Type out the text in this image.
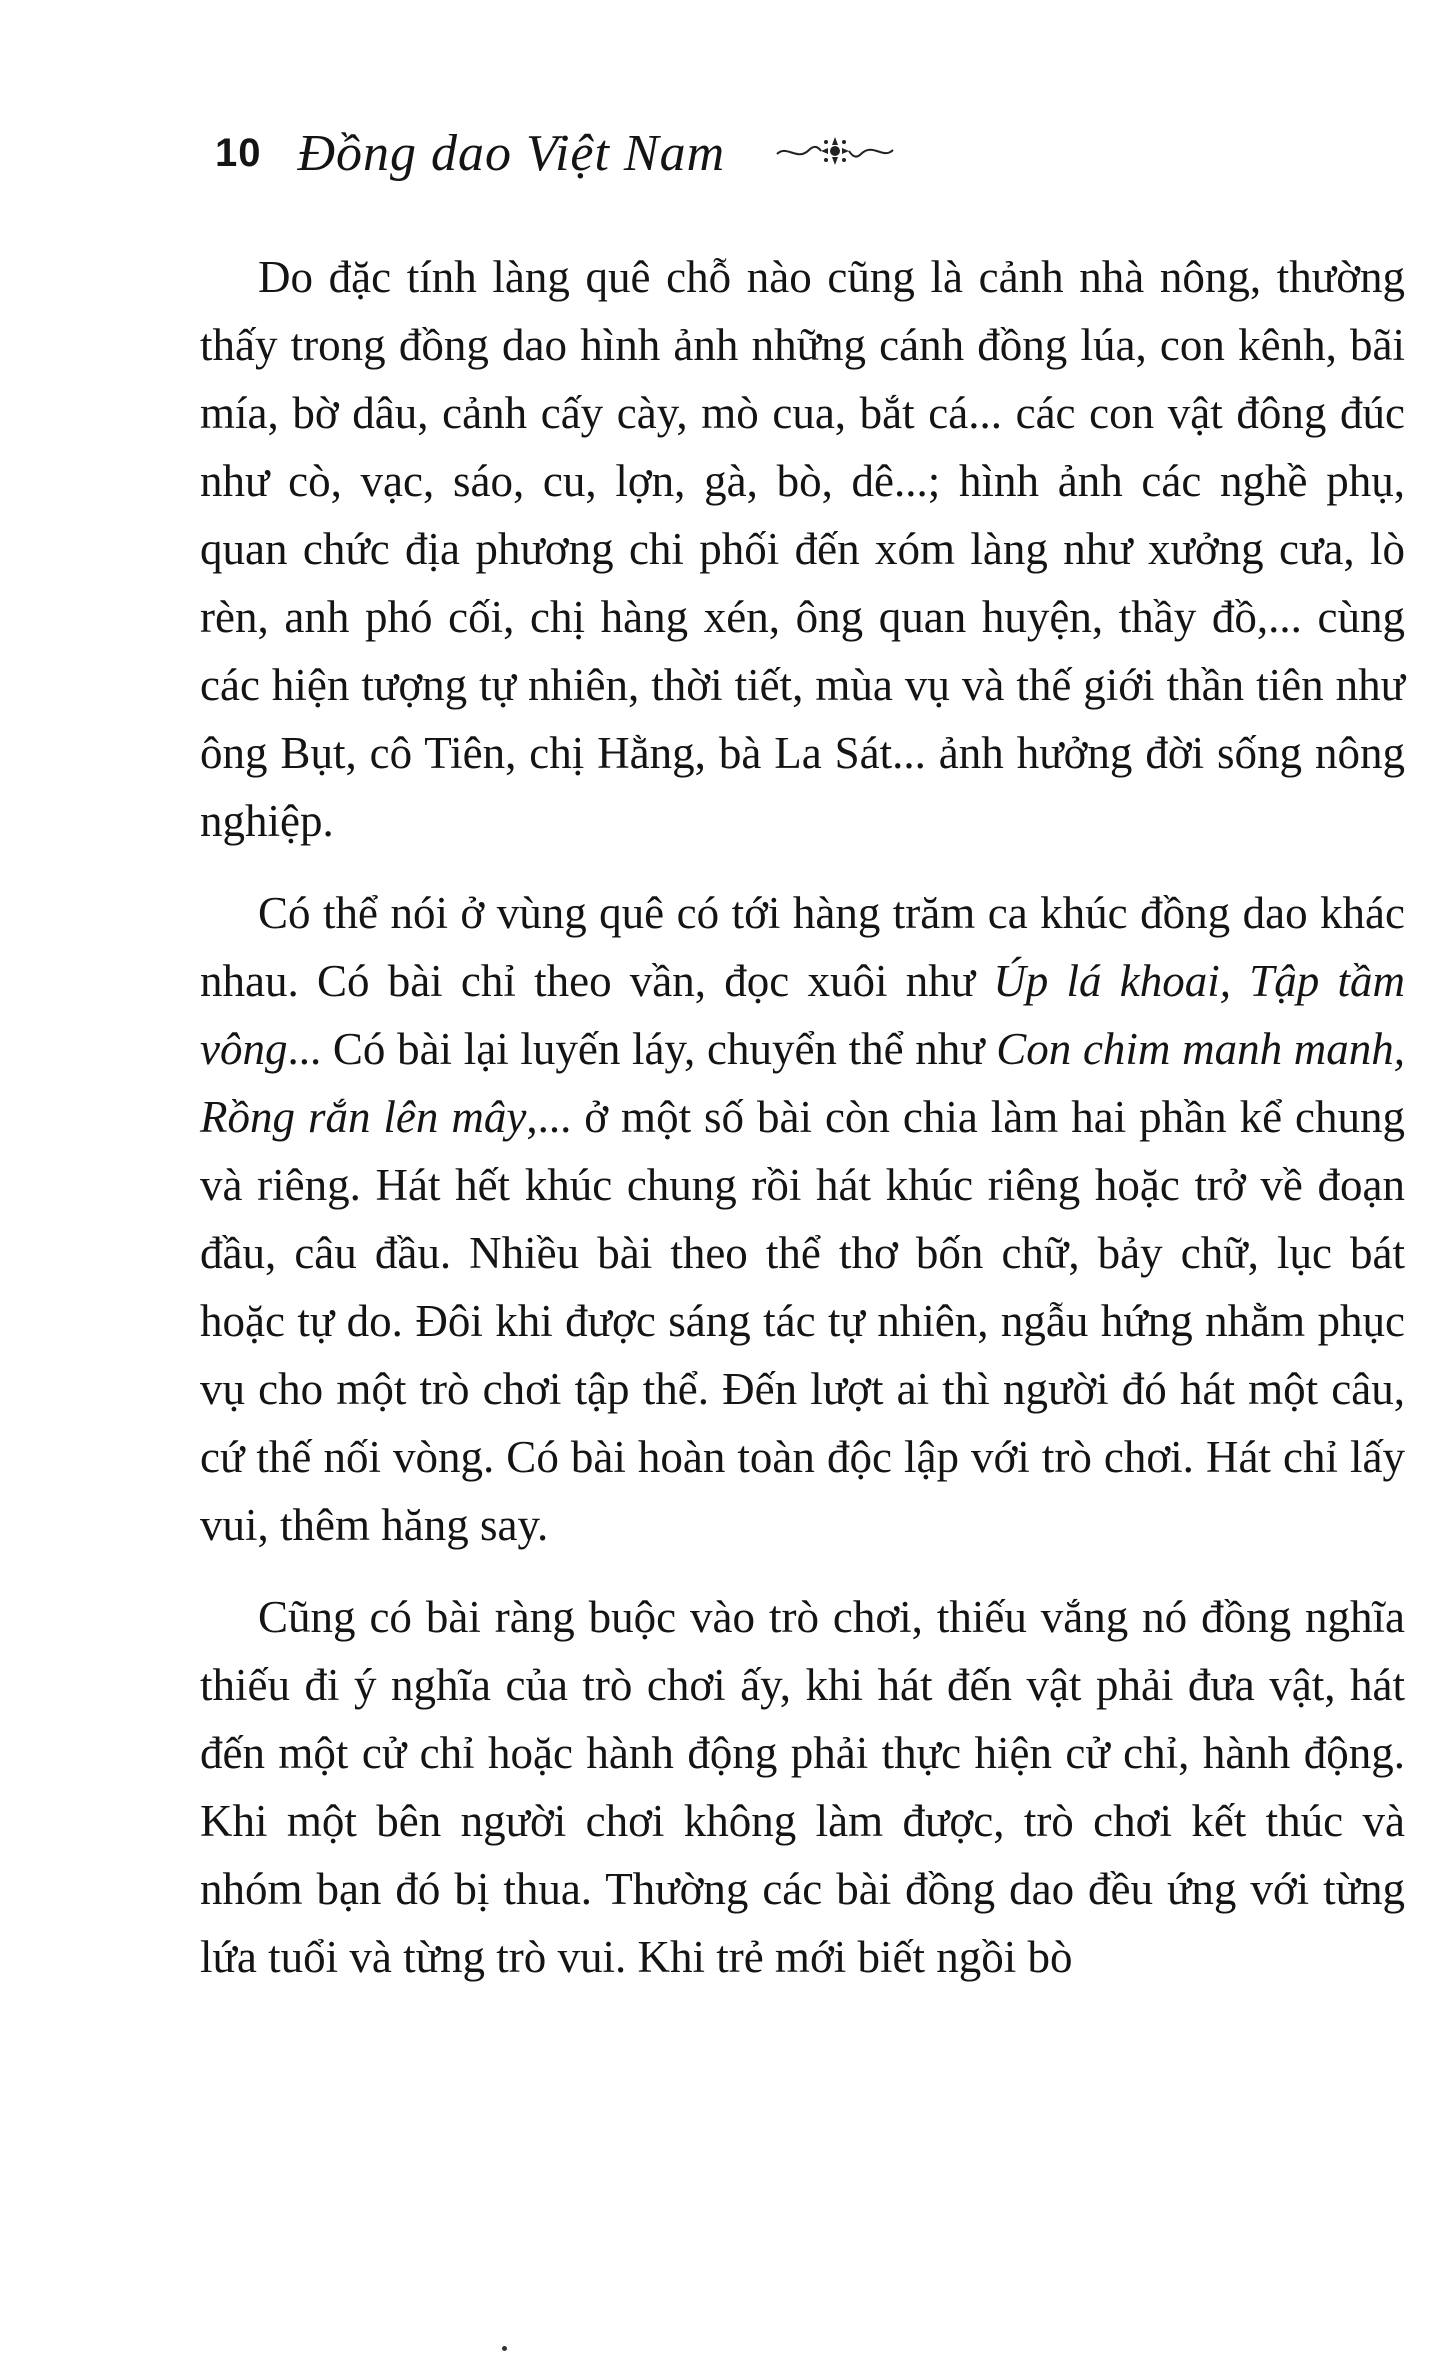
10 Đồng dao Việt Nam

Do đặc tính làng quê chỗ nào cũng là cảnh nhà nông, thường thấy trong đồng dao hình ảnh những cánh đồng lúa, con kênh, bãi mía, bờ dâu, cảnh cấy cày, mò cua, bắt cá... các con vật đông đúc như cò, vạc, sáo, cu, lợn, gà, bò, dê...; hình ảnh các nghề phụ, quan chức địa phương chi phối đến xóm làng như xưởng cưa, lò rèn, anh phó cối, chị hàng xén, ông quan huyện, thầy đồ,... cùng các hiện tượng tự nhiên, thời tiết, mùa vụ và thế giới thần tiên như ông Bụt, cô Tiên, chị Hằng, bà La Sát... ảnh hưởng đời sống nông nghiệp.

Có thể nói ở vùng quê có tới hàng trăm ca khúc đồng dao khác nhau. Có bài chỉ theo vần, đọc xuôi như Úp lá khoai, Tập tầm vông... Có bài lại luyến láy, chuyển thể như Con chim manh manh, Rồng rắn lên mây,... ở một số bài còn chia làm hai phần kể chung và riêng. Hát hết khúc chung rồi hát khúc riêng hoặc trở về đoạn đầu, câu đầu. Nhiều bài theo thể thơ bốn chữ, bảy chữ, lục bát hoặc tự do. Đôi khi được sáng tác tự nhiên, ngẫu hứng nhằm phục vụ cho một trò chơi tập thể. Đến lượt ai thì người đó hát một câu, cứ thế nối vòng. Có bài hoàn toàn độc lập với trò chơi. Hát chỉ lấy vui, thêm hăng say.

Cũng có bài ràng buộc vào trò chơi, thiếu vắng nó đồng nghĩa thiếu đi ý nghĩa của trò chơi ấy, khi hát đến vật phải đưa vật, hát đến một cử chỉ hoặc hành động phải thực hiện cử chỉ, hành động. Khi một bên người chơi không làm được, trò chơi kết thúc và nhóm bạn đó bị thua. Thường các bài đồng dao đều ứng với từng lứa tuổi và từng trò vui. Khi trẻ mới biết ngồi bò
